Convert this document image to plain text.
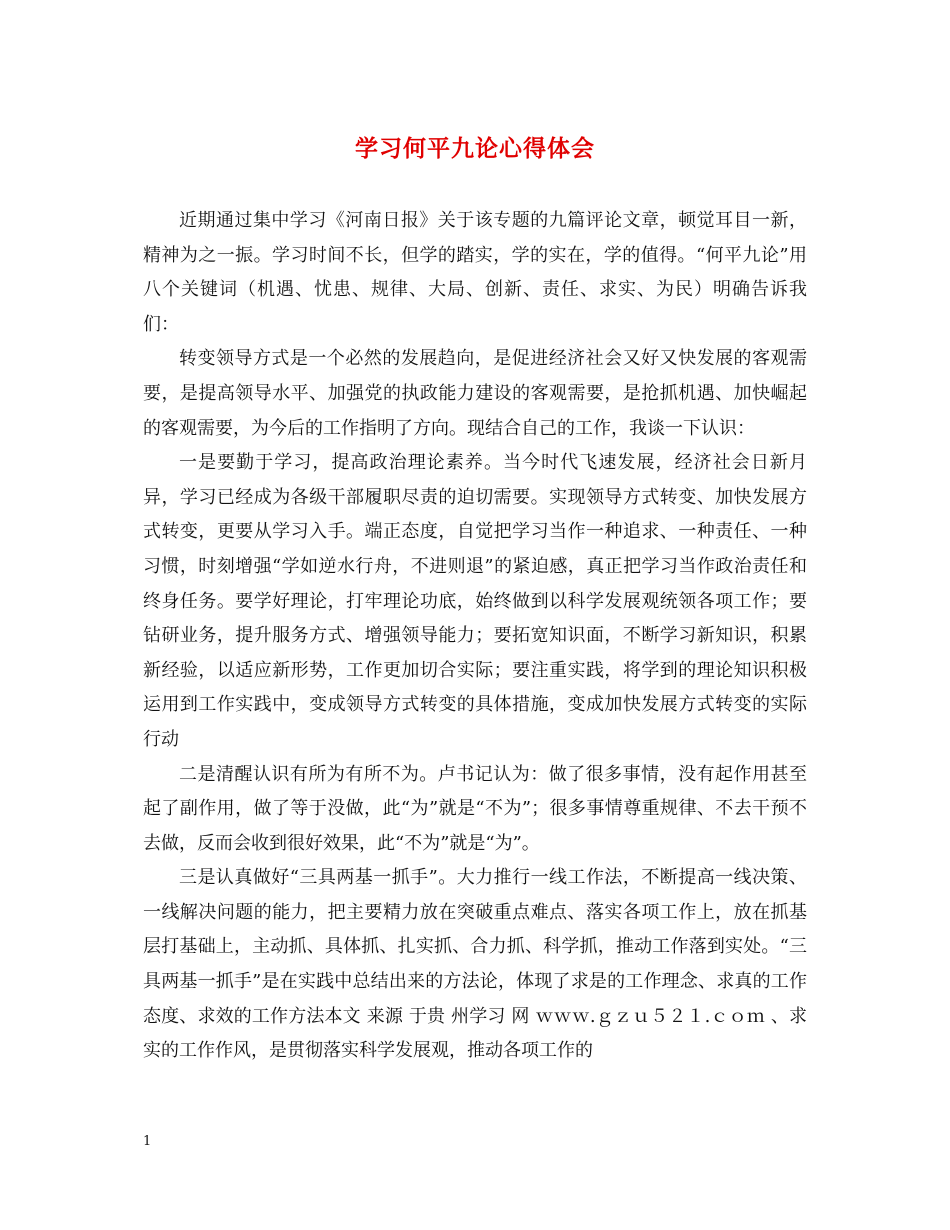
学习何平九论心得体会

近期通过集中学习《河南日报》关于该专题的九篇评论文章，顿觉耳目一新，精神为之一振。学习时间不长，但学的踏实，学的实在，学的值得。“何平九论”用八个关键词（机遇、忧患、规律、大局、创新、责任、求实、为民）明确告诉我们：

转变领导方式是一个必然的发展趋向，是促进经济社会又好又快发展的客观需要，是提高领导水平、加强党的执政能力建设的客观需要，是抢抓机遇、加快崛起的客观需要，为今后的工作指明了方向。现结合自己的工作，我谈一下认识：

一是要勤于学习，提高政治理论素养。当今时代飞速发展，经济社会日新月异，学习已经成为各级干部履职尽责的迫切需要。实现领导方式转变、加快发展方式转变，更要从学习入手。端正态度，自觉把学习当作一种追求、一种责任、一种习惯，时刻增强“学如逆水行舟，不进则退”的紧迫感，真正把学习当作政治责任和终身任务。要学好理论，打牢理论功底，始终做到以科学发展观统领各项工作；要钻研业务，提升服务方式、增强领导能力；要拓宽知识面，不断学习新知识，积累新经验，以适应新形势，工作更加切合实际；要注重实践，将学到的理论知识积极运用到工作实践中，变成领导方式转变的具体措施，变成加快发展方式转变的实际行动

二是清醒认识有所为有所不为。卢书记认为：做了很多事情，没有起作用甚至起了副作用，做了等于没做，此“为”就是“不为”；很多事情尊重规律、不去干预不去做，反而会收到很好效果，此“不为”就是“为”。

三是认真做好“三具两基一抓手”。大力推行一线工作法，不断提高一线决策、一线解决问题的能力，把主要精力放在突破重点难点、落实各项工作上，放在抓基层打基础上，主动抓、具体抓、扎实抓、合力抓、科学抓，推动工作落到实处。“三具两基一抓手”是在实践中总结出来的方法论，体现了求是的工作理念、求真的工作态度、求效的工作方法本文 来源 于贵 州学习 网 ｗｗｗ.ｇｚｕ５２１.ｃｏｍ 、求实的工作作风，是贯彻落实科学发展观，推动各项工作的

1
